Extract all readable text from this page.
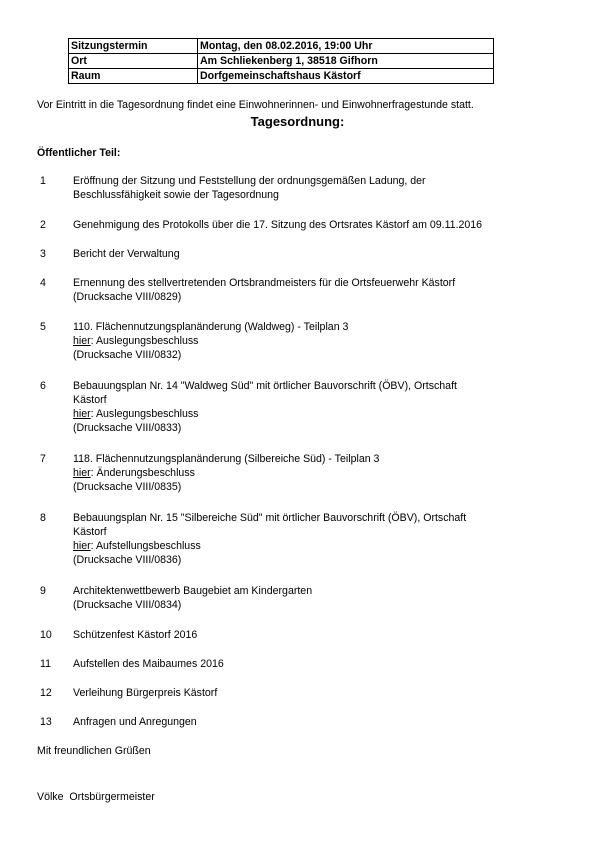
Sitzungstermin	Montag, den 08.02.2016, 19:00 Uhr
Ort	Am Schliekenberg 1, 38518 Gifhorn
Raum	Dorfgemeinschaftshaus Kästorf
Vor Eintritt in die Tagesordnung findet eine Einwohnerinnen- und Einwohnerfragestunde statt.
Tagesordnung:
Öffentlicher Teil:
1	Eröffnung der Sitzung und Feststellung der ordnungsgemäßen Ladung, der
Beschlussfähigkeit sowie der Tagesordnung
2	Genehmigung des Protokolls über die 17. Sitzung des Ortsrates Kästorf am 09.11.2016
3	Bericht der Verwaltung
4	Ernennung des stellvertretenden Ortsbrandmeisters für die Ortsfeuerwehr Kästorf
(Drucksache VIII/0829)
5	110. Flächennutzungsplanänderung (Waldweg) - Teilplan 3
hier: Auslegungsbeschluss
(Drucksache VIII/0832)
6	Bebauungsplan Nr. 14 "Waldweg Süd" mit örtlicher Bauvorschrift (ÖBV), Ortschaft
Kästorf
hier: Auslegungsbeschluss
(Drucksache VIII/0833)
7	118. Flächennutzungsplanänderung (Silbereiche Süd) - Teilplan 3
hier: Änderungsbeschluss
(Drucksache VIII/0835)
8	Bebauungsplan Nr. 15 "Silbereiche Süd" mit örtlicher Bauvorschrift (ÖBV), Ortschaft
Kästorf
hier: Aufstellungsbeschluss
(Drucksache VIII/0836)
9	Architektenwettbewerb Baugebiet am Kindergarten
(Drucksache VIII/0834)
10 Schützenfest Kästorf 2016
11 Aufstellen des Maibaumes 2016
12 Verleihung Bürgerpreis Kästorf
13 Anfragen und Anregungen
Mit freundlichen Grüßen
Völke  Ortsbürgermeister
